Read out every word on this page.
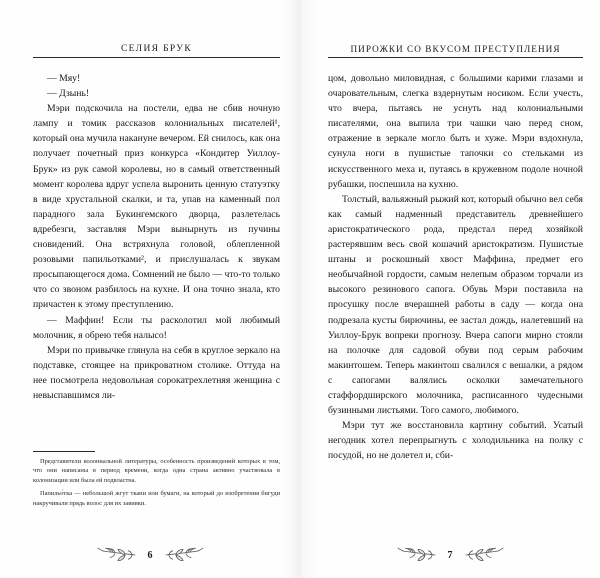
СЕЛИЯ БРУК

— Мяу!

— Дзынь!

Мэри подскочила на постели, едва не сбив ночную лампу и томик рассказов колониальных писателей¹, который она мучила накануне вечером. Ей снилось, как она получает почетный приз конкурса «Кондитер Уиллоу-Брук» из рук самой королевы, но в самый ответственный момент королева вдруг успела выронить ценную статуэтку в виде хрустальной скалки, и та, упав на каменный пол парадного зала Букингемского дворца, разлетелась вдребезги, заставляя Мэри вынырнуть из пучины сновидений. Она встряхнула головой, облепленной розовыми папильотками², и прислушалась к звукам просыпающегося дома. Сомнений не было — что-то только что со звоном разбилось на кухне. И она точно знала, кто причастен к этому преступлению.

— Маффин! Если ты расколотил мой любимый молочник, я обрею тебя налысо!

Мэри по привычке глянула на себя в круглое зеркало на подставке, стоящее на прикроватном столике. Оттуда на нее посмотрела недовольная сорокатрехлетняя женщина с невыспавшимся ли-

Представители колониальной литературы, особенность произведений которых в том, что они написаны в период времени, когда одна страна активно участвовала в колонизации или была ей подвластна.

Папильо́тка — небольшой жгут ткани или бумаги, на который до изобретения бигуди накручивали прядь волос для их завивки.

6
ПИРОЖКИ СО ВКУСОМ ПРЕСТУПЛЕНИЯ

цом, довольно миловидная, с большими карими глазами и очаровательным, слегка вздернутым носиком. Если учесть, что вчера, пытаясь не уснуть над колониальными писателями, она выпила три чашки чаю перед сном, отражение в зеркале могло быть и хуже. Мэри вздохнула, сунула ноги в пушистые тапочки со стельками из искусственного меха и, путаясь в кружевном подоле ночной рубашки, поспешила на кухню.

Толстый, вальяжный рыжий кот, который обычно вел себя как самый надменный представитель древнейшего аристократического рода, предстал перед хозяйкой растерявшим весь свой кошачий аристократизм. Пушистые штаны и роскошный хвост Маффина, предмет его необычайной гордости, самым нелепым образом торчали из высокого резинового сапога. Обувь Мэри поставила на просушку после вчерашней работы в саду — когда она подрезала кусты бирючины, ее застал дождь, налетевший на Уиллоу-Брук вопреки прогнозу. Вчера сапоги мирно стояли на полочке для садовой обуви под серым рабочим макинтошем. Теперь макинтош свалился с вешалки, а рядом с сапогами валялись осколки замечательного стаффордширского молочника, расписанного чудесными бузинными листьями. Того самого, любимого.

Мэри тут же восстановила картину событий. Усатый негодник хотел перепрыгнуть с холодильника на полку с посудой, но не долетел и, сби-

7
